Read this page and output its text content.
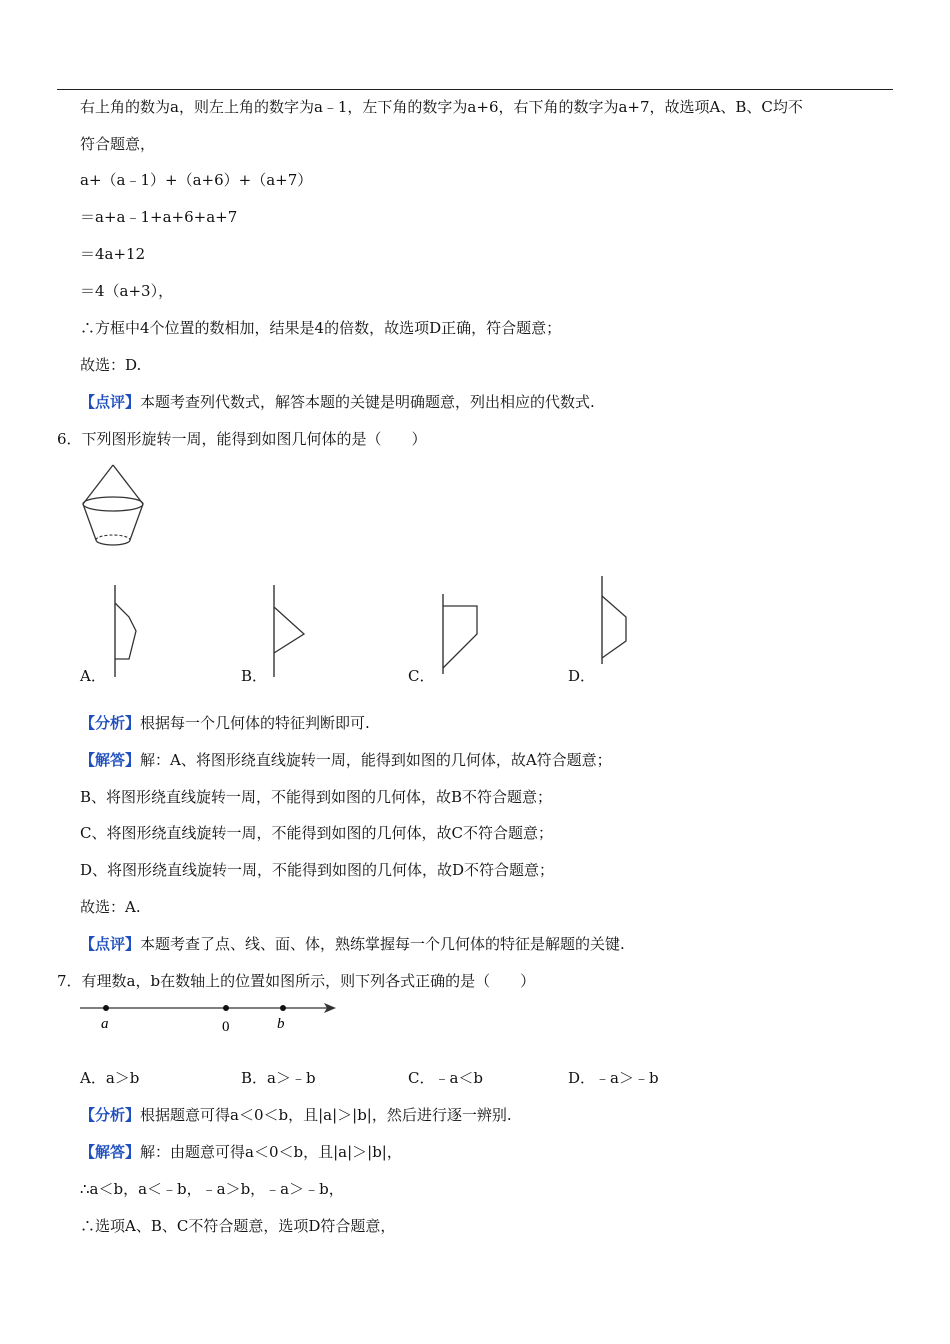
右上角的数为a，则左上角的数字为a﹣1，左下角的数字为a+6，右下角的数字为a+7，故选项A、B、C均不
符合题意，
a+（a﹣1）+（a+6）+（a+7）
＝a+a﹣1+a+6+a+7
＝4a+12
＝4（a+3），
∴方框中4个位置的数相加，结果是4的倍数，故选项D正确，符合题意；
故选：D.
【点评】本题考查列代数式，解答本题的关键是明确题意，列出相应的代数式.
6．下列图形旋转一周，能得到如图几何体的是（　　）
A．	B．	C．	D．
【分析】根据每一个几何体的特征判断即可.
【解答】解：A、将图形绕直线旋转一周，能得到如图的几何体，故A符合题意；
B、将图形绕直线旋转一周，不能得到如图的几何体，故B不符合题意；
C、将图形绕直线旋转一周，不能得到如图的几何体，故C不符合题意；
D、将图形绕直线旋转一周，不能得到如图的几何体，故D不符合题意；
故选：A.
【点评】本题考查了点、线、面、体，熟练掌握每一个几何体的特征是解题的关键.
7．有理数a，b在数轴上的位置如图所示，则下列各式正确的是（　　）
a	0	b
A．a＞b	B．a＞﹣b	C．﹣a＜b	D．﹣a＞﹣b
【分析】根据题意可得a＜0＜b，且|a|＞|b|，然后进行逐一辨别.
【解答】解：由题意可得a＜0＜b，且|a|＞|b|，
∴a＜b，a＜﹣b，﹣a＞b，﹣a＞﹣b，
∴选项A、B、C不符合题意，选项D符合题意，
